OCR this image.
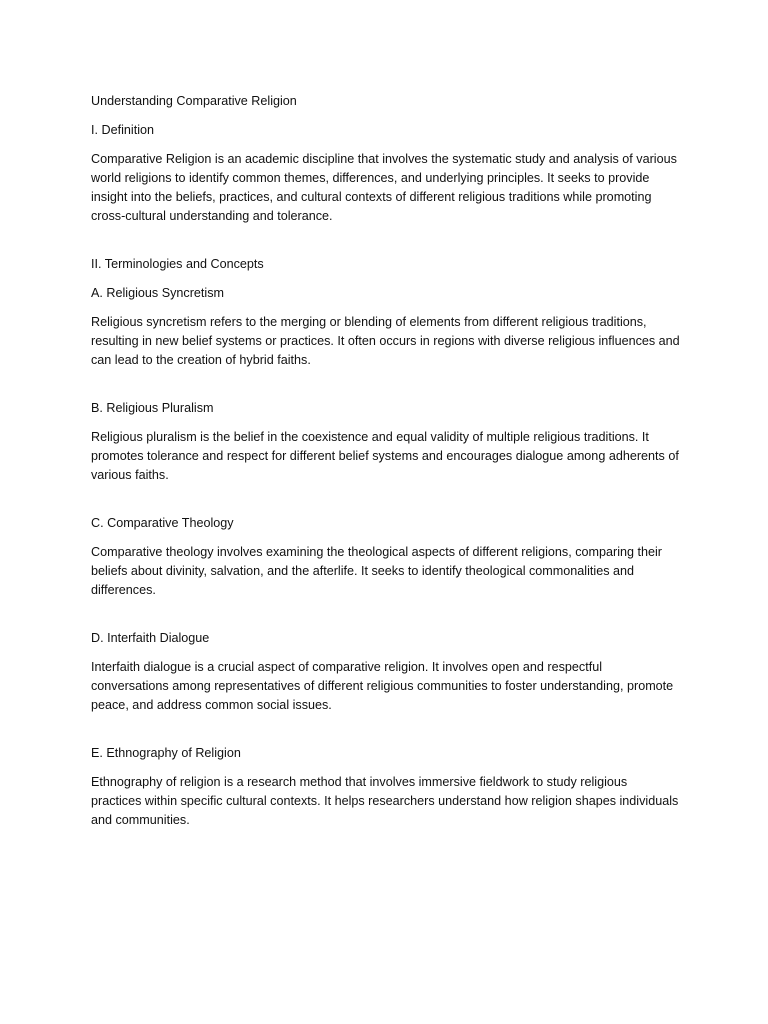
Understanding Comparative Religion

I. Definition

Comparative Religion is an academic discipline that involves the systematic study and analysis of various world religions to identify common themes, differences, and underlying principles. It seeks to provide insight into the beliefs, practices, and cultural contexts of different religious traditions while promoting cross-cultural understanding and tolerance.

II. Terminologies and Concepts

A. Religious Syncretism

Religious syncretism refers to the merging or blending of elements from different religious traditions, resulting in new belief systems or practices. It often occurs in regions with diverse religious influences and can lead to the creation of hybrid faiths.

B. Religious Pluralism

Religious pluralism is the belief in the coexistence and equal validity of multiple religious traditions. It promotes tolerance and respect for different belief systems and encourages dialogue among adherents of various faiths.

C. Comparative Theology

Comparative theology involves examining the theological aspects of different religions, comparing their beliefs about divinity, salvation, and the afterlife. It seeks to identify theological commonalities and differences.

D. Interfaith Dialogue

Interfaith dialogue is a crucial aspect of comparative religion. It involves open and respectful conversations among representatives of different religious communities to foster understanding, promote peace, and address common social issues.

E. Ethnography of Religion

Ethnography of religion is a research method that involves immersive fieldwork to study religious practices within specific cultural contexts. It helps researchers understand how religion shapes individuals and communities.
